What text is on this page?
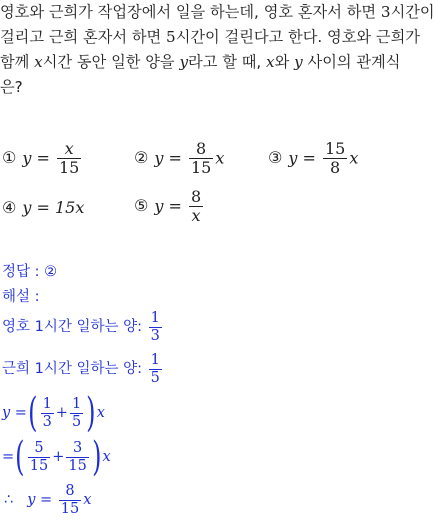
영호와 근희가 작업장에서 일을 하는데, 영호 혼자서 하면 3시간이
걸리고 근희 혼자서 하면 5시간이 걸린다고 한다. 영호와 근희가
함께 x시간 동안 일한 양을 y라고 할 때, x와 y 사이의 관계식
은?
① $y = \frac{x}{15}$	② $y = \frac{8}{15}$ x	③ $y = \frac{15}{8}$ x
④ y = 15x	⑤ $y = \frac{8}{x}$
정답 : ②
해설 :
영호 1시간 일하는 양: $\frac{1}{3}$
근희 1시간 일하는 양: $\frac{1}{5}$
y =( $\frac{1}{3} + \frac{1}{5} )x$
=( $\frac{5}{15} + \frac{3}{15} )x$
∴ $y = \frac{8}{15}$ x
